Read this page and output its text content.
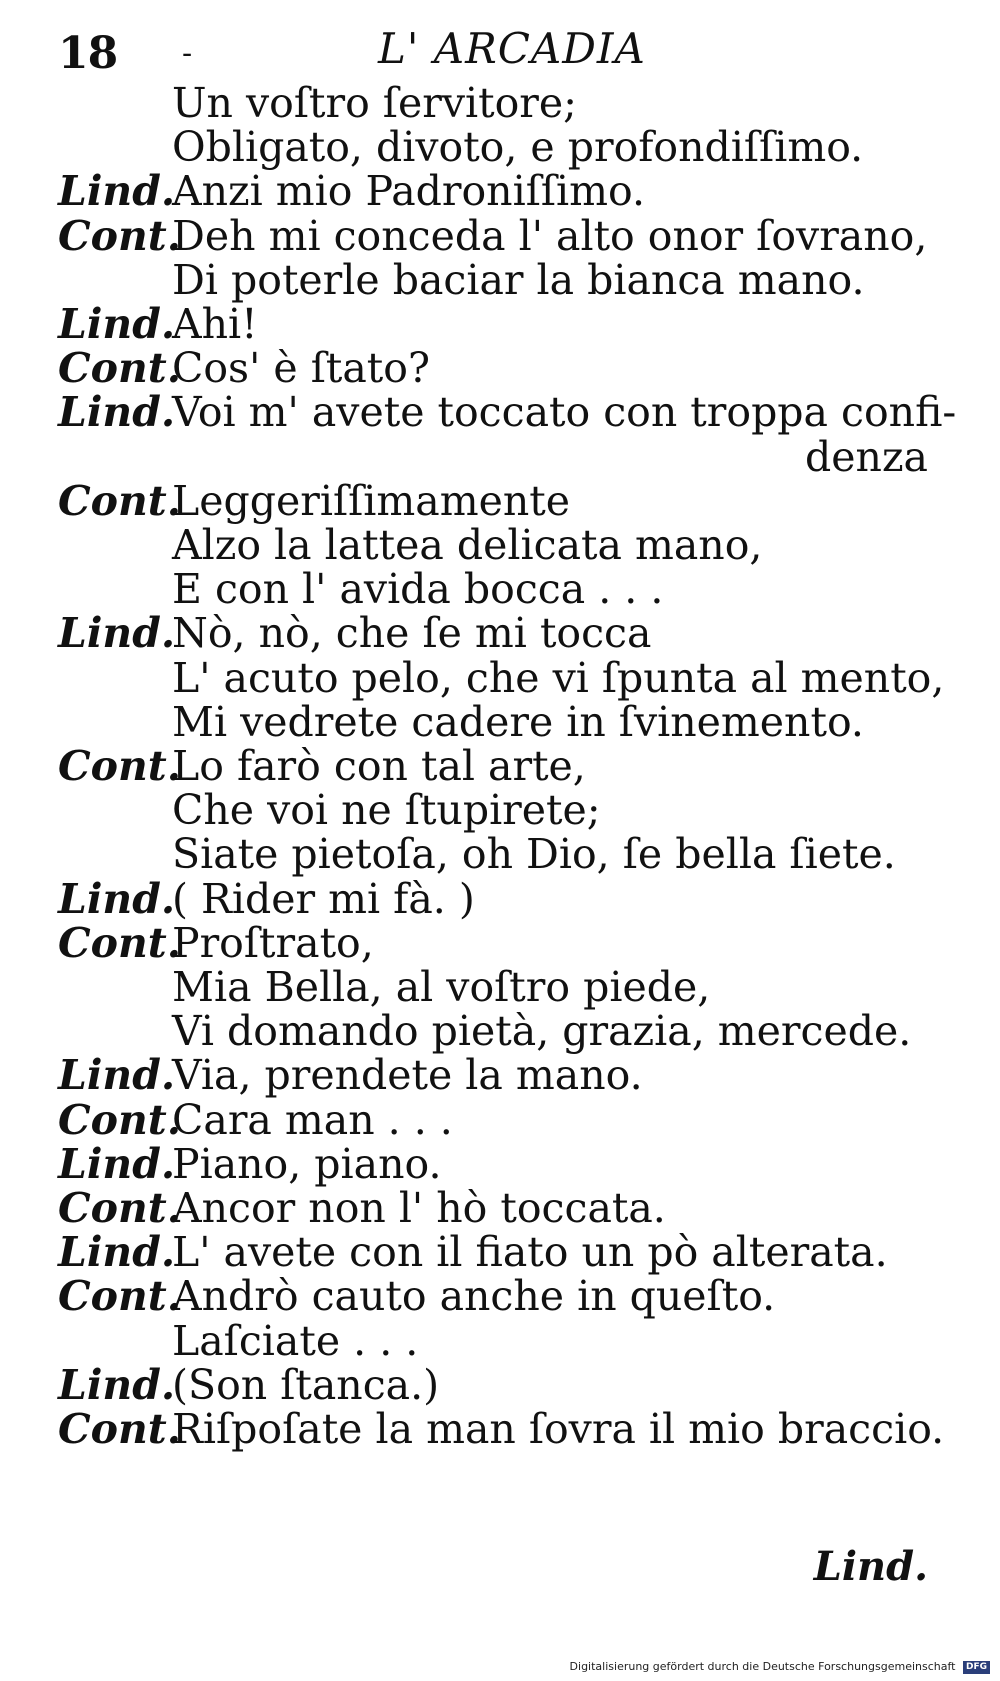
18 -	L' ARCADIA
Un voſtro ſervitore;
Obligato, divoto, e profondiſſimo.
Lind.
Anzi mio Padroniſſimo.
Cont.
Deh mi conceda l' alto onor ſovrano,
Di poterle baciar la bianca mano.
Lind.
Ahi!
Cont.
Cos' è ſtato?
Lind.
Voi m' avete toccato con troppa confi-
denza
Cont.
Leggeriſſimamente
Alzo la lattea delicata mano,
E con l' avida bocca . . .
Lind.
Nò, nò, che ſe mi tocca
L' acuto pelo, che vi ſpunta al mento,
Mi vedrete cadere in ſvinemento.
Cont.
Lo farò con tal arte,
Che voi ne ſtupirete;
Siate pietoſa, oh Dio, ſe bella ſiete.
Lind.
( Rider mi fà. )
Cont.
Proſtrato,
Mia Bella, al voſtro piede,
Vi domando pietà, grazia, mercede.
Lind.
Via, prendete la mano.
Cont.
Cara man . . .
Lind.
Piano, piano.
Cont.
Ancor non l' hò toccata.
Lind.
L' avete con il fiato un pò alterata.
Cont.
Andrò cauto anche in queſto.
Laſciate . . .
Lind.
(Son ſtanca.)
Cont.
Riſpoſate la man ſovra il mio braccio.
Lind.
Digitalisierung gefördert durch die Deutsche Forschungsgemeinschaft DFG
